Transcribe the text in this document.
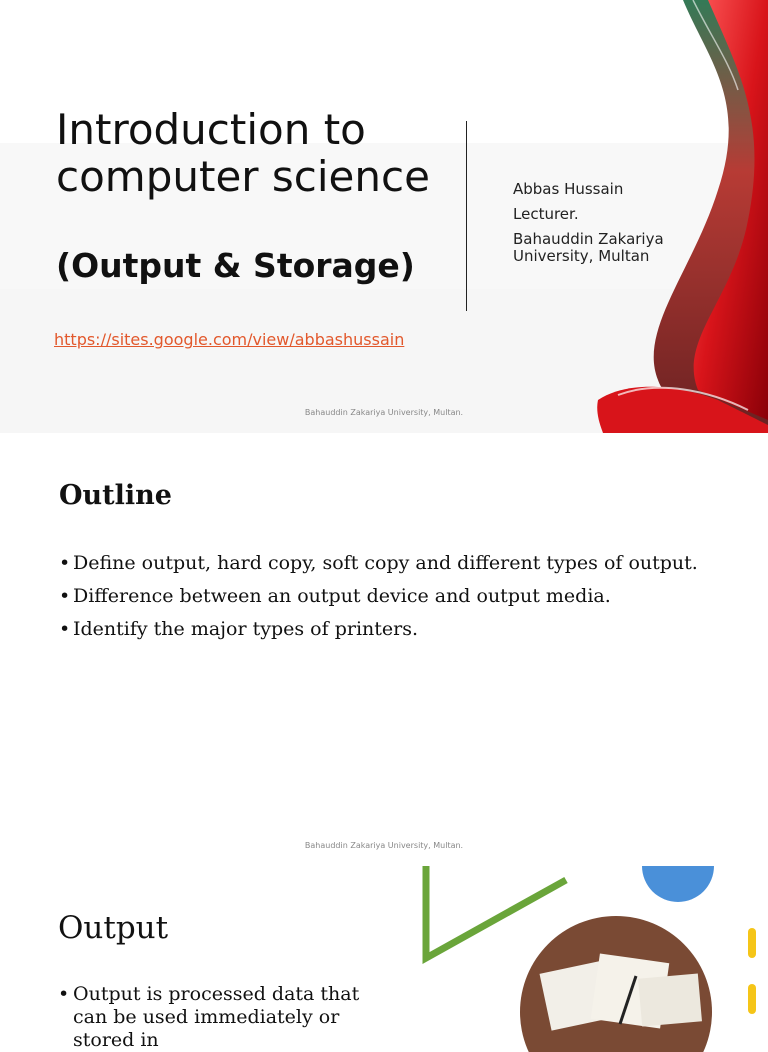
Introduction to computer science
(Output & Storage)
https://sites.google.com/view/abbashussain
Abbas Hussain
Lecturer.
Bahauddin Zakariya University, Multan
Bahauddin Zakariya University, Multan.
Outline
• Define output, hard copy, soft copy and different types of output.
• Difference between an output device and output media.
• Identify the major types of printers.
Bahauddin Zakariya University, Multan.
Output
• Output is processed data that can be used immediately or stored in
